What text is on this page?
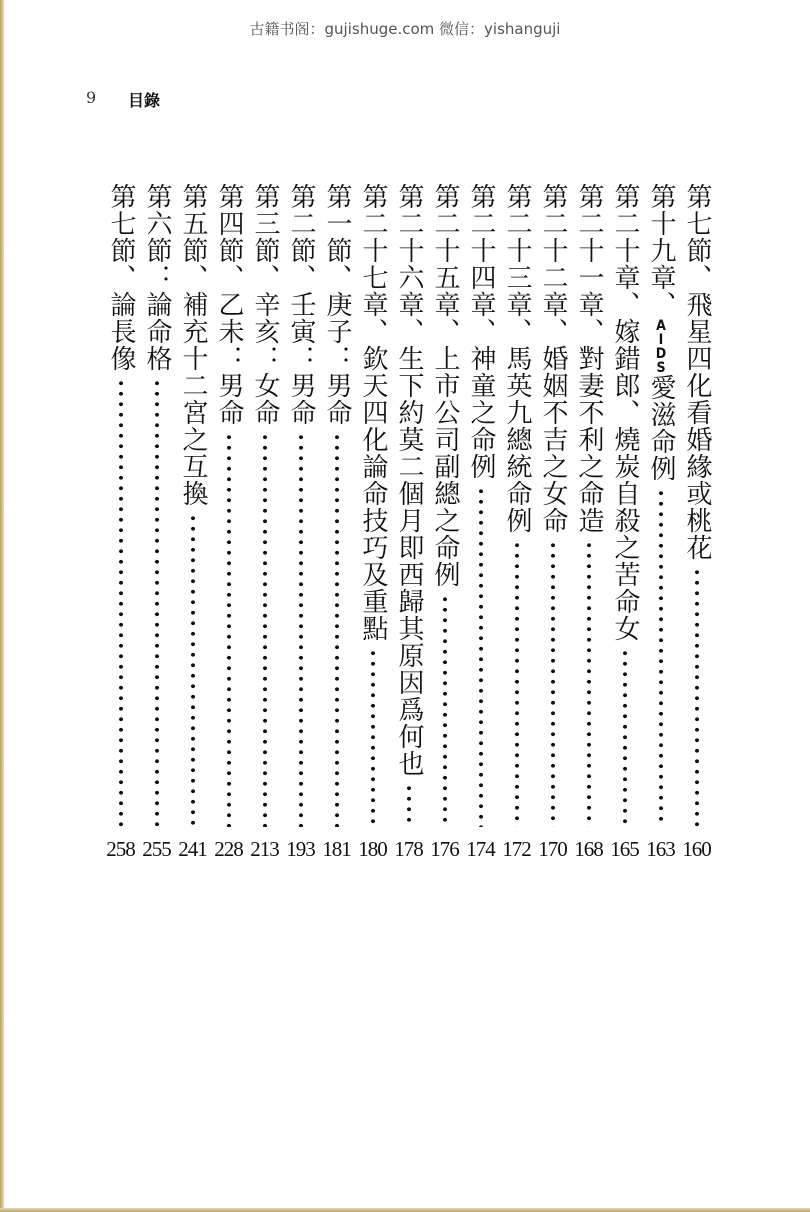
古籍书阁：gujishuge.com 微信：yishanguji
9 目錄
第七節、飛星四化看婚緣或桃花
160
第十九章、
AIDS
愛滋命例
163
第二十章、嫁錯郎、燒炭自殺之苦命女
165
第二十一章、對妻不利之命造
168
第二十二章、婚姻不吉之女命
170
第二十三章、馬英九總統命例
172
第二十四章、神童之命例
174
第二十五章、上市公司副總之命例
176
第二十六章、生下約莫二個月即西歸其原因爲何也
178
第二十七章、欽天四化論命技巧及重點
180
第一節、庚子：男命
181
第二節、壬寅：男命
193
第三節、辛亥：女命
213
第四節、乙未：男命
228
第五節、補充十二宮之互換
241
第六節：論命格
255
第七節、論長像
258
